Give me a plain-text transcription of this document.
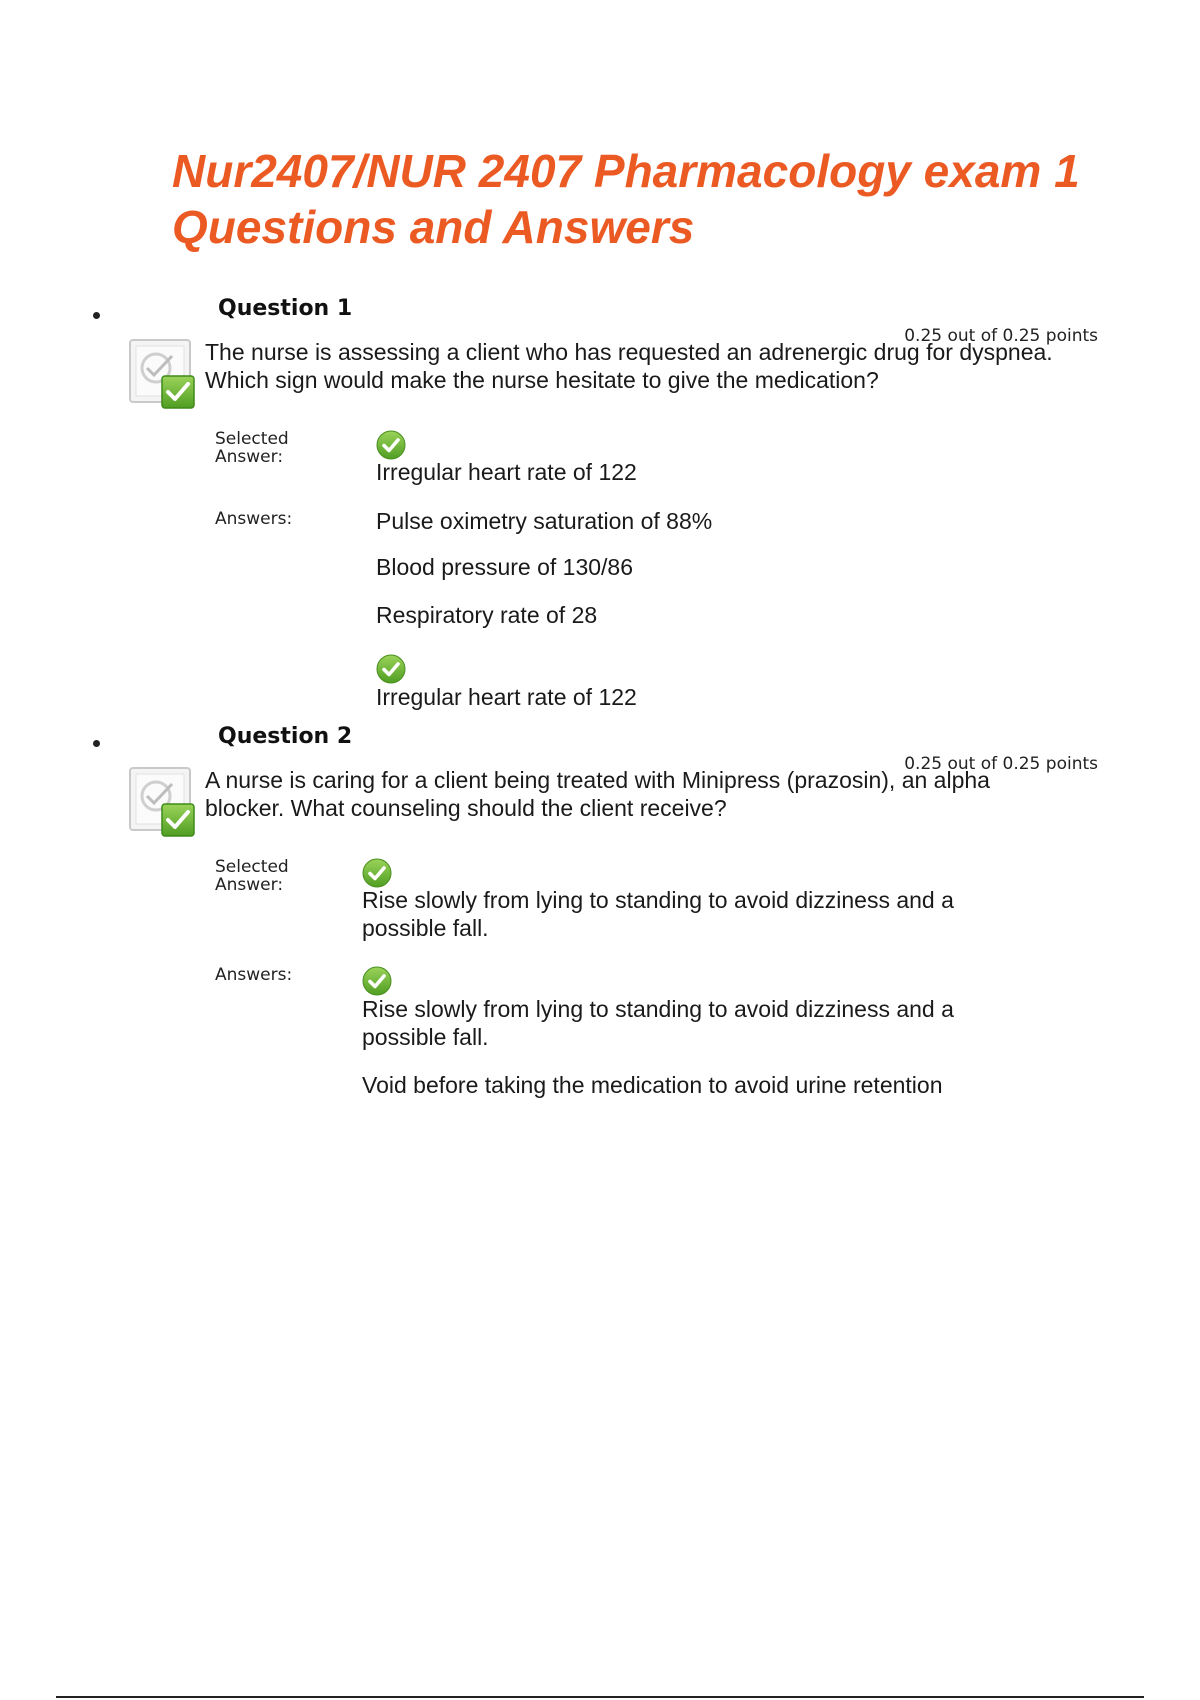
Nur2407/NUR 2407 Pharmacology exam 1 Questions and Answers
Question 1
0.25 out of 0.25 points

The nurse is assessing a client who has requested an adrenergic drug for dyspnea. Which sign would make the nurse hesitate to give the medication?

Selected Answer:

Irregular heart rate of 122

Answers:	Pulse oximetry saturation of 88%

Blood pressure of 130/86

Respiratory rate of 28

Irregular heart rate of 122

Question 2
0.25 out of 0.25 points

A nurse is caring for a client being treated with Minipress (prazosin), an alpha blocker. What counseling should the client receive?

Selected Answer:

Rise slowly from lying to standing to avoid dizziness and a possible fall.

Answers:

Rise slowly from lying to standing to avoid dizziness and a possible fall.

Void before taking the medication to avoid urine retention
